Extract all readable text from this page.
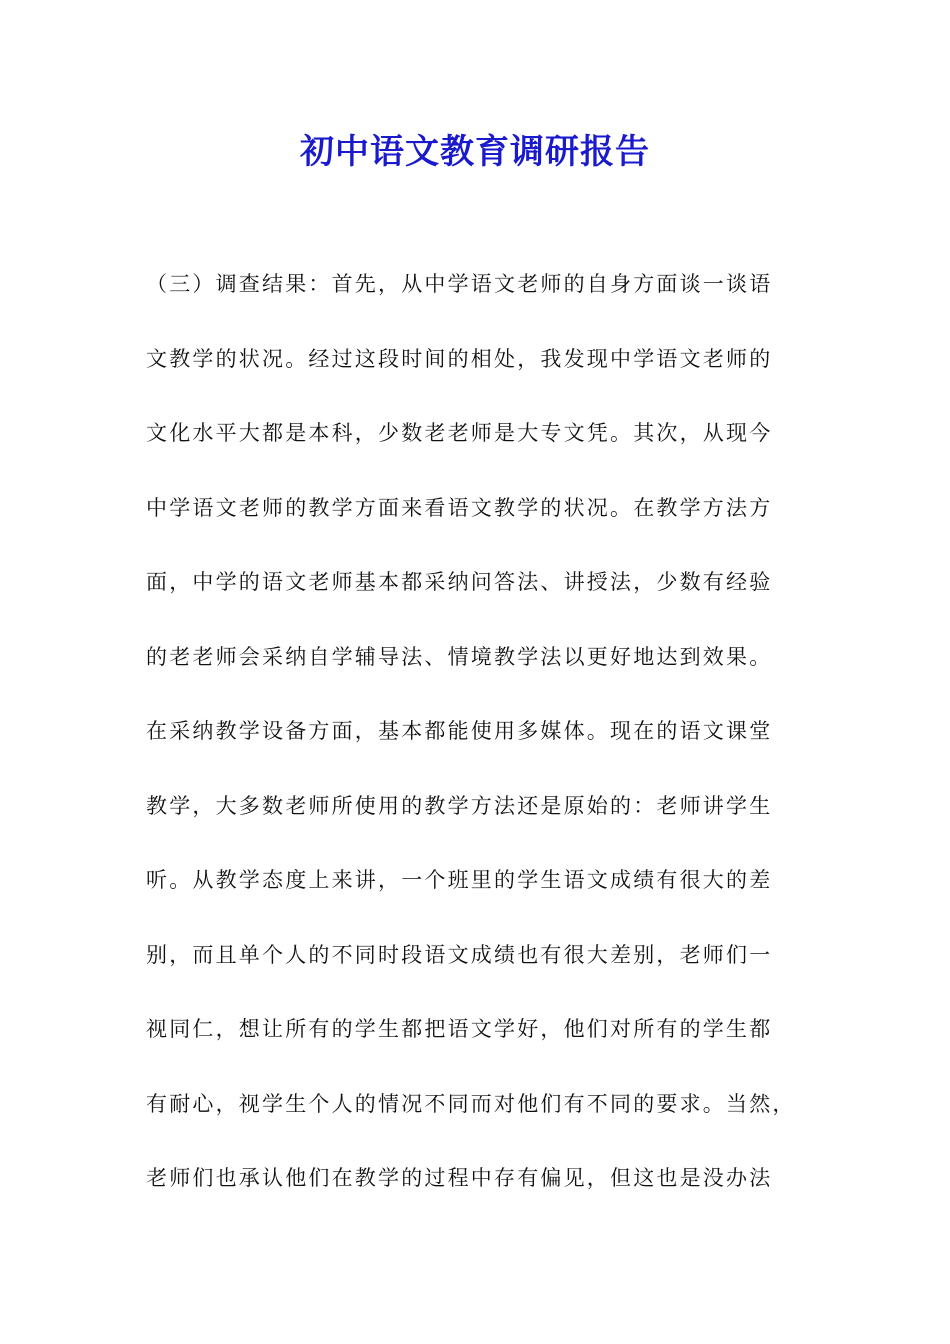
初中语文教育调研报告
（三）调查结果：首先，从中学语文老师的自身方面谈一谈语
文教学的状况。经过这段时间的相处，我发现中学语文老师的
文化水平大都是本科，少数老老师是大专文凭。其次，从现今
中学语文老师的教学方面来看语文教学的状况。在教学方法方
面，中学的语文老师基本都采纳问答法、讲授法，少数有经验
的老老师会采纳自学辅导法、情境教学法以更好地达到效果。
在采纳教学设备方面，基本都能使用多媒体。现在的语文课堂
教学，大多数老师所使用的教学方法还是原始的：老师讲学生
听。从教学态度上来讲，一个班里的学生语文成绩有很大的差
别，而且单个人的不同时段语文成绩也有很大差别，老师们一
视同仁，想让所有的学生都把语文学好，他们对所有的学生都
有耐心，视学生个人的情况不同而对他们有不同的要求。当然，
老师们也承认他们在教学的过程中存有偏见，但这也是没办法
